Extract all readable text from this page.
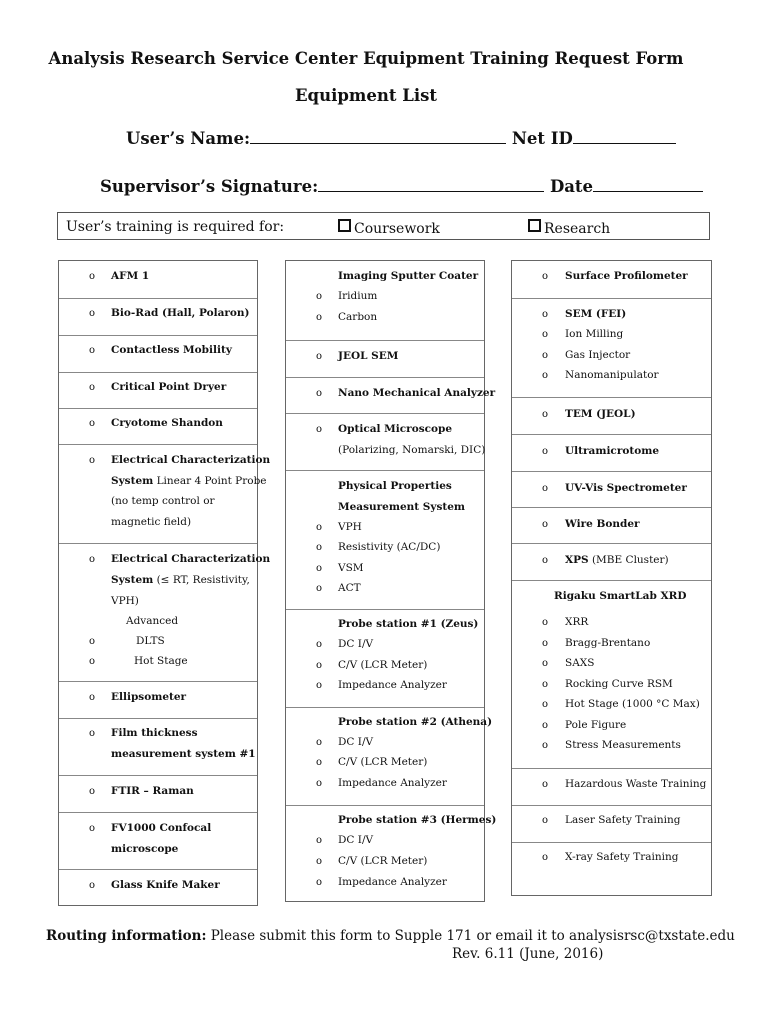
Analysis Research Service Center Equipment Training Request Form
Equipment List
User’s Name:	Net ID
Supervisor’s Signature:	Date
User’s training is required for:	Coursework	Research
o AFM 1
o Bio-Rad (Hall, Polaron)
o Contactless Mobility
o Critical Point Dryer
o Cryotome Shandon
o Electrical Characterization
System Linear 4 Point Probe
(no temp control or
magnetic field)
o Electrical Characterization
System (≤ RT, Resistivity,
VPH)
Advanced
o	DLTS
o	Hot Stage
o Ellipsometer
o Film thickness
measurement system #1
o FTIR – Raman
o FV1000 Confocal
microscope
o Glass Knife Maker
Imaging Sputter Coater
o Iridium
o Carbon
o JEOL SEM
o Nano Mechanical Analyzer
o Optical Microscope
(Polarizing, Nomarski, DIC)
Physical Properties
Measurement System
o VPH
o Resistivity (AC/DC)
o VSM
o ACT
Probe station #1 (Zeus)
o DC I/V
o C/V (LCR Meter)
o Impedance Analyzer
Probe station #2 (Athena)
o DC I/V
o C/V (LCR Meter)
o Impedance Analyzer
Probe station #3 (Hermes)
o DC I/V
o C/V (LCR Meter)
o Impedance Analyzer
o Surface Profilometer
o SEM (FEI)
o Ion Milling
o Gas Injector
o Nanomanipulator
o TEM (JEOL)
o Ultramicrotome
o UV-Vis Spectrometer
o Wire Bonder
o XPS (MBE Cluster)
Rigaku SmartLab XRD
o XRR
o Bragg-Brentano
o SAXS
o Rocking Curve RSM
o Hot Stage (1000 °C Max)
o Pole Figure
o Stress Measurements
o Hazardous Waste Training
o Laser Safety Training
o X-ray Safety Training
Routing information: Please submit this form to Supple 171 or email it to analysisrsc@txstate.edu
Rev. 6.11 (June, 2016)
